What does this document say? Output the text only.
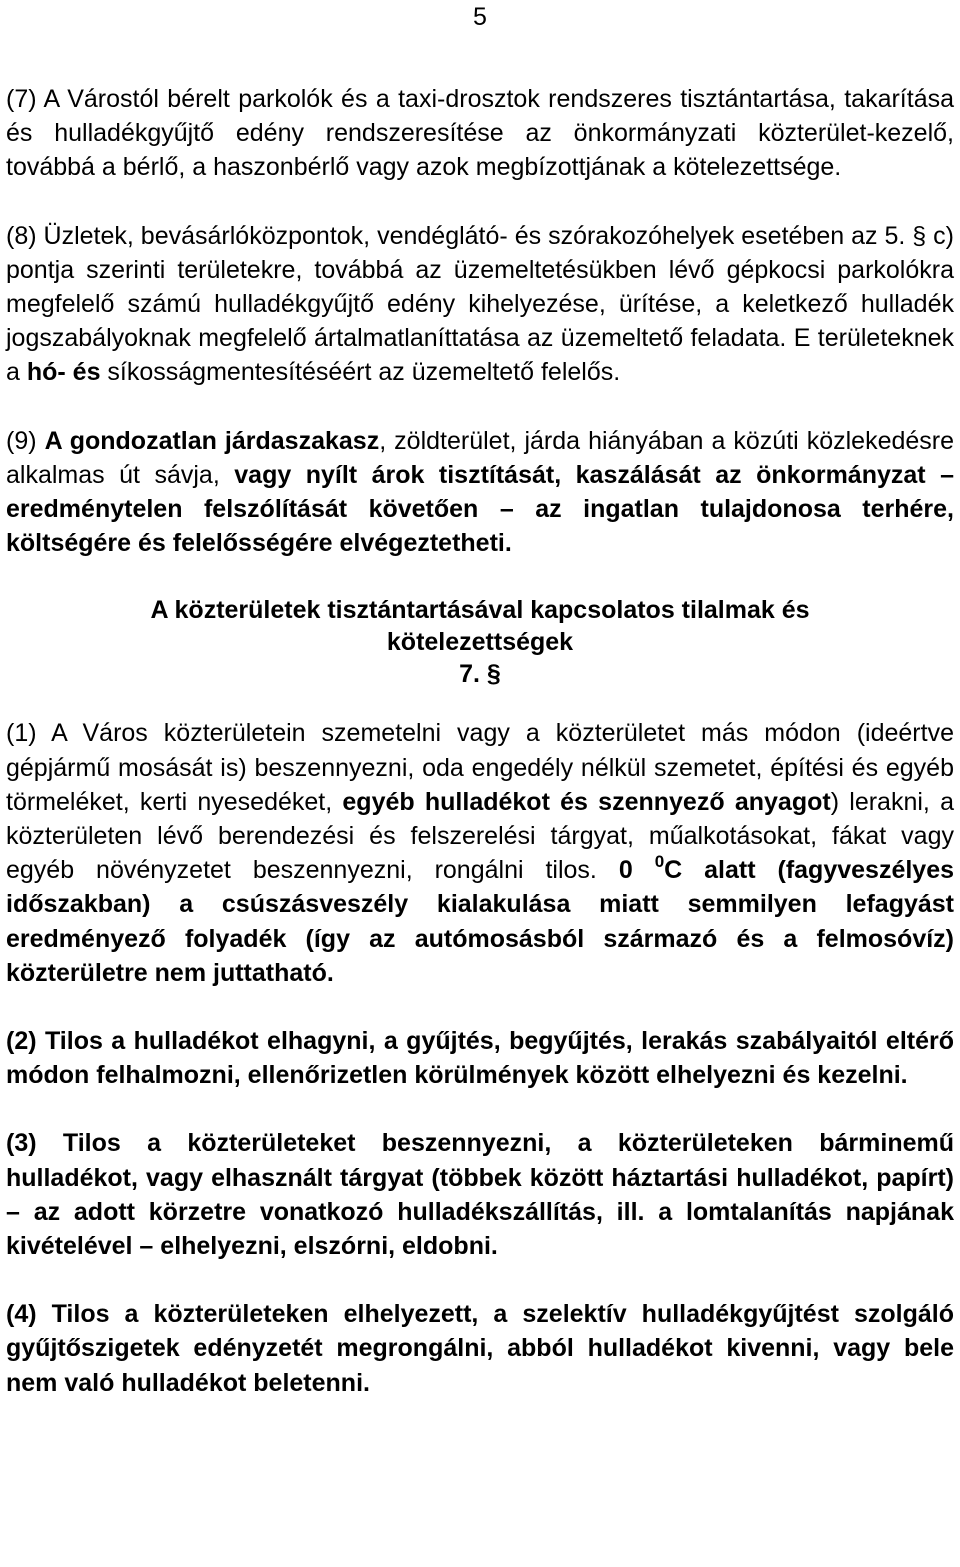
5

(7) A Várostól bérelt parkolók és a taxi-drosztok rendszeres tisztántartása, takarítása és hulladékgyűjtő edény rendszeresítése az önkormányzati közterület-kezelő, továbbá a bérlő, a haszonbérlő vagy azok megbízottjának a kötelezettsége.

(8) Üzletek, bevásárlóközpontok, vendéglátó- és szórakozóhelyek esetében az 5. § c) pontja szerinti területekre, továbbá az üzemeltetésükben lévő gépkocsi parkolókra megfelelő számú hulladékgyűjtő edény kihelyezése, ürítése, a keletkező hulladék jogszabályoknak megfelelő ártalmatlaníttatása az üzemeltető feladata. E területeknek a hó- és síkosságmentesítéséért az üzemeltető felelős.

(9) A gondozatlan járdaszakasz, zöldterület, járda hiányában a közúti közlekedésre alkalmas út sávja, vagy nyílt árok tisztítását, kaszálását az önkormányzat – eredménytelen felszólítását követően – az ingatlan tulajdonosa terhére, költségére és felelősségére elvégeztetheti.

A közterületek tisztántartásával kapcsolatos tilalmak és

kötelezettségek

7. §

(1) A Város közterületein szemetelni vagy a közterületet más módon (ideértve gépjármű mosását is) beszennyezni, oda engedély nélkül szemetet, építési és egyéb törmeléket, kerti nyesedéket, egyéb hulladékot és szennyező anyagot) lerakni, a közterületen lévő berendezési és felszerelési tárgyat, műalkotásokat, fákat vagy egyéb növényzetet beszennyezni, rongálni tilos. 0 $^0$C alatt (fagyveszélyes időszakban) a csúszásveszély kialakulása miatt semmilyen lefagyást eredményező folyadék (így az autómosásból származó és a felmosóvíz) közterületre nem juttatható.

(2) Tilos a hulladékot elhagyni, a gyűjtés, begyűjtés, lerakás szabályaitól eltérő módon felhalmozni, ellenőrizetlen körülmények között elhelyezni és kezelni.

(3) Tilos a közterületeket beszennyezni, a közterületeken bárminemű hulladékot, vagy elhasznált tárgyat (többek között háztartási hulladékot, papírt) – az adott körzetre vonatkozó hulladékszállítás, ill. a lomtalanítás napjának kivételével – elhelyezni, elszórni, eldobni.

(4) Tilos a közterületeken elhelyezett, a szelektív hulladékgyűjtést szolgáló gyűjtőszigetek edényzetét megrongálni, abból hulladékot kivenni, vagy bele nem való hulladékot beletenni.
